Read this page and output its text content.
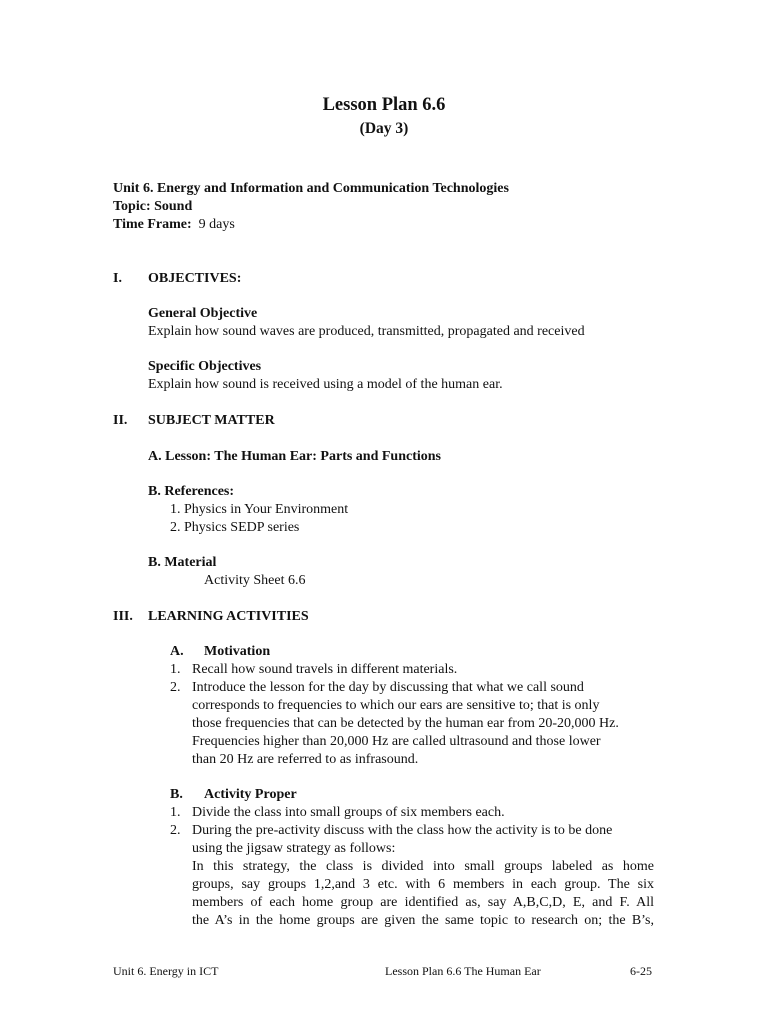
Lesson Plan 6.6
(Day 3)
Unit 6. Energy and Information and Communication Technologies
Topic: Sound
Time Frame: 9 days
I. OBJECTIVES:
General Objective
Explain how sound waves are produced, transmitted, propagated and received
Specific Objectives
Explain how sound is received using a model of the human ear.
II. SUBJECT MATTER
A. Lesson: The Human Ear: Parts and Functions
B. References:
1. Physics in Your Environment
2. Physics SEDP series
B. Material
Activity Sheet 6.6
III. LEARNING ACTIVITIES
A. Motivation
1. Recall how sound travels in different materials.
2. Introduce the lesson for the day by discussing that what we call sound
corresponds to frequencies to which our ears are sensitive to; that is only
those frequencies that can be detected by the human ear from 20-20,000 Hz.
Frequencies higher than 20,000 Hz are called ultrasound and those lower
than 20 Hz are referred to as infrasound.
B. Activity Proper
1. Divide the class into small groups of six members each.
2. During the pre-activity discuss with the class how the activity is to be done
using the jigsaw strategy as follows:
In this strategy, the class is divided into small groups labeled as home
groups, say groups 1,2,and 3 etc. with 6 members in each group. The six
members of each home group are identified as, say A,B,C,D, E, and F. All
the A’s in the home groups are given the same topic to research on; the B’s,
Unit 6. Energy in ICT	Lesson Plan 6.6 The Human Ear	6-25
